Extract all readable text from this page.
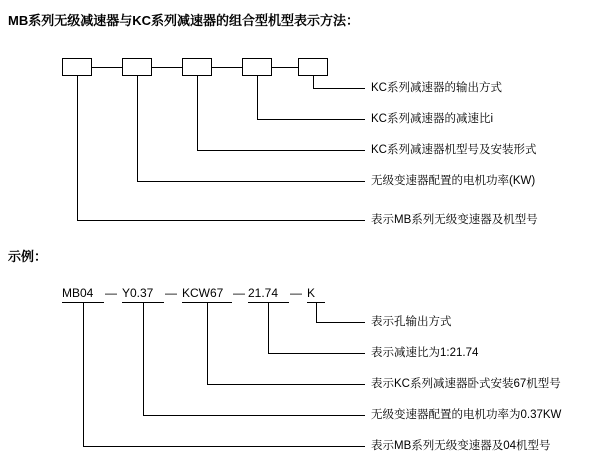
MB系列无级减速器与KC系列减速器的组合型机型表示方法：
KC系列减速器的输出方式
KC系列减速器的减速比i
KC系列减速器机型号及安装形式
无级变速器配置的电机功率(KW)
表示MB系列无级变速器及机型号
示例：
MB04 — Y0.37 — KCW67 — 21.74 — K
表示孔输出方式
表示减速比为1:21.74
表示KC系列减速器卧式安装67机型号
无级变速器配置的电机功率为0.37KW
表示MB系列无级变速器及04机型号
